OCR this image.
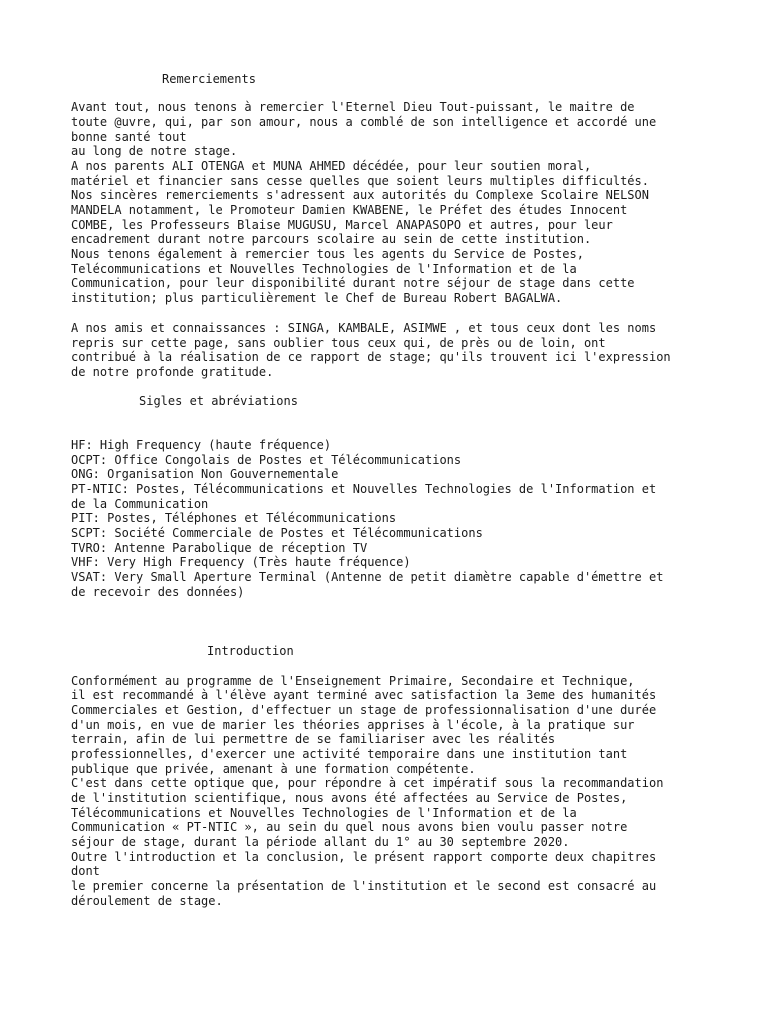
Remerciements
Avant tout, nous tenons à remercier l'Eternel Dieu Tout-puissant, le maitre de
toute @uvre, qui, par son amour, nous a comblé de son intelligence et accordé une
bonne santé tout
au long de notre stage.
A nos parents ALI OTENGA et MUNA AHMED décédée, pour leur soutien moral,
matériel et financier sans cesse quelles que soient leurs multiples difficultés.
Nos sincères remerciements s'adressent aux autorités du Complexe Scolaire NELSON
MANDELA notamment, le Promoteur Damien KWABENE, le Préfet des études Innocent
COMBE, les Professeurs Blaise MUGUSU, Marcel ANAPASOPO et autres, pour leur
encadrement durant notre parcours scolaire au sein de cette institution.
Nous tenons également à remercier tous les agents du Service de Postes,
Telécommunications et Nouvelles Technologies de l'Information et de la
Communication, pour leur disponibilité durant notre séjour de stage dans cette
institution; plus particulièrement le Chef de Bureau Robert BAGALWA.
A nos amis et connaissances : SINGA, KAMBALE, ASIMWE , et tous ceux dont les noms
repris sur cette page, sans oublier tous ceux qui, de près ou de loin, ont
contribué à la réalisation de ce rapport de stage; qu'ils trouvent ici l'expression
de notre profonde gratitude.
Sigles et abréviations
HF: High Frequency (haute fréquence)
OCPT: Office Congolais de Postes et Télécommunications
ONG: Organisation Non Gouvernementale
PT-NTIC: Postes, Télécommunications et Nouvelles Technologies de l'Information et
de la Communication
PIT: Postes, Téléphones et Télécommunications
SCPT: Société Commerciale de Postes et Télécommunications
TVRO: Antenne Parabolique de réception TV
VHF: Very High Frequency (Très haute fréquence)
VSAT: Very Small Aperture Terminal (Antenne de petit diamètre capable d'émettre et
de recevoir des données)
Introduction
Conformément au programme de l'Enseignement Primaire, Secondaire et Technique,
il est recommandé à l'élève ayant terminé avec satisfaction la 3eme des humanités
Commerciales et Gestion, d'effectuer un stage de professionnalisation d'une durée
d'un mois, en vue de marier les théories apprises à l'école, à la pratique sur
terrain, afin de lui permettre de se familiariser avec les réalités
professionnelles, d'exercer une activité temporaire dans une institution tant
publique que privée, amenant à une formation compétente.
C'est dans cette optique que, pour répondre à cet impératif sous la recommandation
de l'institution scientifique, nous avons été affectées au Service de Postes,
Télécommunications et Nouvelles Technologies de l'Information et de la
Communication « PT-NTIC », au sein du quel nous avons bien voulu passer notre
séjour de stage, durant la période allant du 1° au 30 septembre 2020.
Outre l'introduction et la conclusion, le présent rapport comporte deux chapitres
dont
le premier concerne la présentation de l'institution et le second est consacré au
déroulement de stage.
